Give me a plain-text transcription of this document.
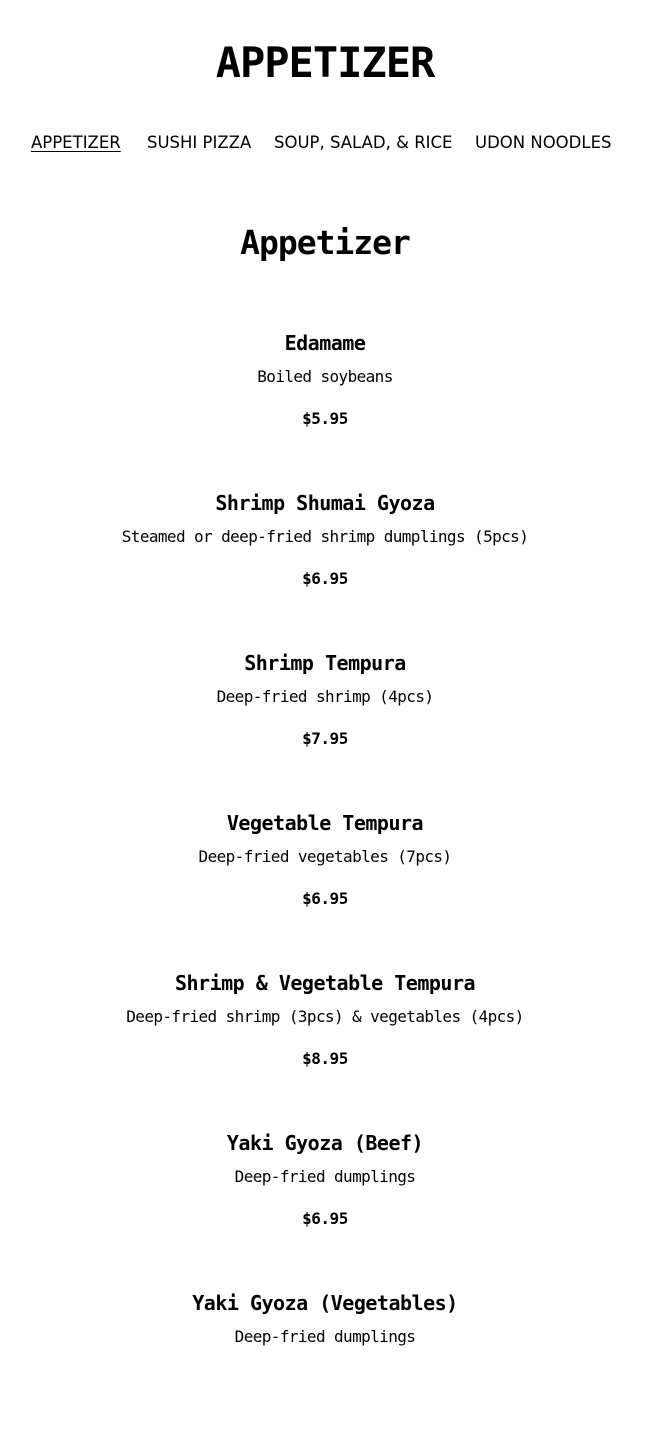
APPETIZER
APPETIZER SUSHI PIZZA SOUP, SALAD, & RICE UDON NOODLES
Appetizer
Edamame
Boiled soybeans
$5.95
Shrimp Shumai Gyoza
Steamed or deep-fried shrimp dumplings (5pcs)
$6.95
Shrimp Tempura
Deep-fried shrimp (4pcs)
$7.95
Vegetable Tempura
Deep-fried vegetables (7pcs)
$6.95
Shrimp & Vegetable Tempura
Deep-fried shrimp (3pcs) & vegetables (4pcs)
$8.95
Yaki Gyoza (Beef)
Deep-fried dumplings
$6.95
Yaki Gyoza (Vegetables)
Deep-fried dumplings
